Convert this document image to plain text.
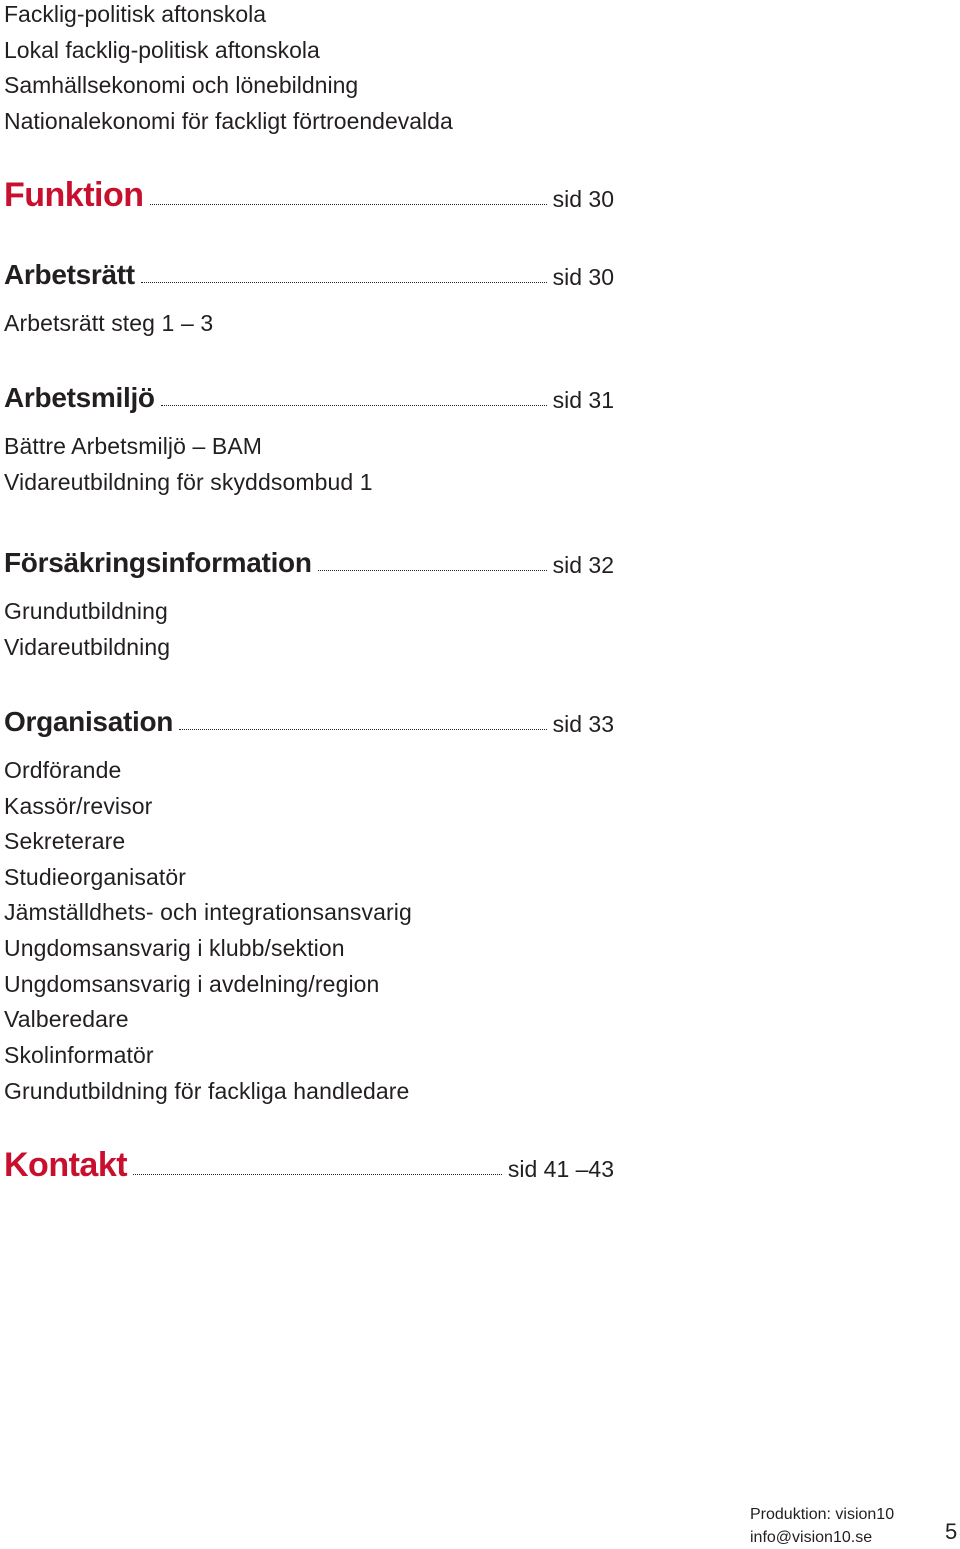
Facklig-politisk aftonskola
Lokal facklig-politisk aftonskola
Samhällsekonomi och lönebildning
Nationalekonomi för fackligt förtroendevalda
Funktion	sid 30
Arbetsrätt	sid 30
Arbetsrätt steg 1 – 3
Arbetsmiljö	sid 31
Bättre Arbetsmiljö – BAM
Vidareutbildning för skyddsombud 1
Försäkringsinformation	sid 32
Grundutbildning
Vidareutbildning
Organisation	sid 33
Ordförande
Kassör/revisor
Sekreterare
Studieorganisatör
Jämställdhets- och integrationsansvarig
Ungdomsansvarig i klubb/sektion
Ungdomsansvarig i avdelning/region
Valberedare
Skolinformatör
Grundutbildning för fackliga handledare
Kontakt	sid 41 –43
Produktion: vision10
info@vision10.se	5
